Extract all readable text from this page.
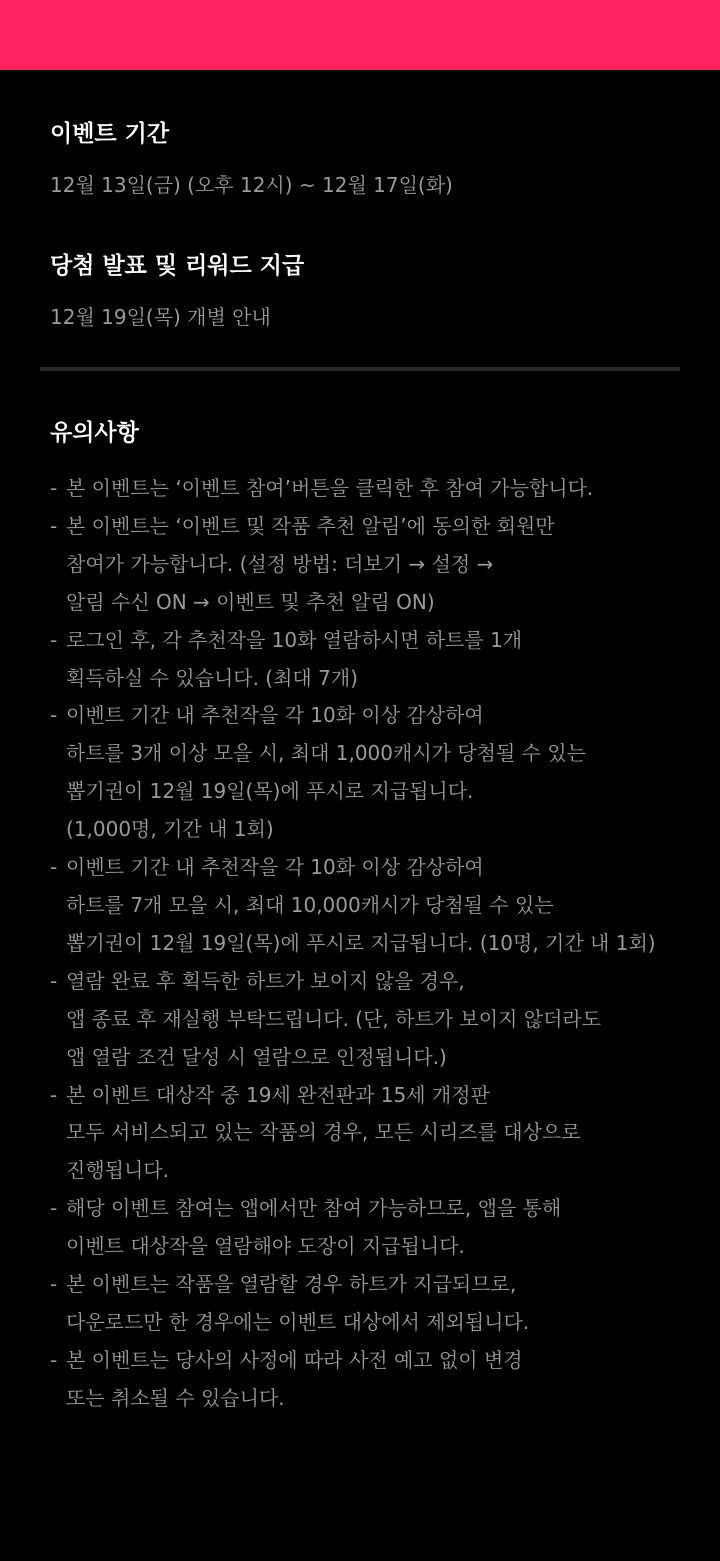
이벤트 기간

12월 13일(금) (오후 12시) ~ 12월 17일(화)

당첨 발표 및 리워드 지급

12월 19일(목) 개별 안내

유의사항
- 본 이벤트는 ‘이벤트 참여’버튼을 클릭한 후 참여 가능합니다.
- 본 이벤트는 ‘이벤트 및 작품 추천 알림’에 동의한 회원만
참여가 가능합니다. (설정 방법: 더보기 → 설정 →
알림 수신 ON → 이벤트 및 추천 알림 ON)
- 로그인 후, 각 추천작을 10화 열람하시면 하트를 1개
획득하실 수 있습니다. (최대 7개)
- 이벤트 기간 내 추천작을 각 10화 이상 감상하여
하트를 3개 이상 모을 시, 최대 1,000캐시가 당첨될 수 있는
뽑기권이 12월 19일(목)에 푸시로 지급됩니다.
(1,000명, 기간 내 1회)
- 이벤트 기간 내 추천작을 각 10화 이상 감상하여
하트를 7개 모을 시, 최대 10,000캐시가 당첨될 수 있는
뽑기권이 12월 19일(목)에 푸시로 지급됩니다. (10명, 기간 내 1회)
- 열람 완료 후 획득한 하트가 보이지 않을 경우,
앱 종료 후 재실행 부탁드립니다. (단, 하트가 보이지 않더라도
앱 열람 조건 달성 시 열람으로 인정됩니다.)
- 본 이벤트 대상작 중 19세 완전판과 15세 개정판
모두 서비스되고 있는 작품의 경우, 모든 시리즈를 대상으로
진행됩니다.
- 해당 이벤트 참여는 앱에서만 참여 가능하므로, 앱을 통해
이벤트 대상작을 열람해야 도장이 지급됩니다.
- 본 이벤트는 작품을 열람할 경우 하트가 지급되므로,
다운로드만 한 경우에는 이벤트 대상에서 제외됩니다.
- 본 이벤트는 당사의 사정에 따라 사전 예고 없이 변경
또는 취소될 수 있습니다.
